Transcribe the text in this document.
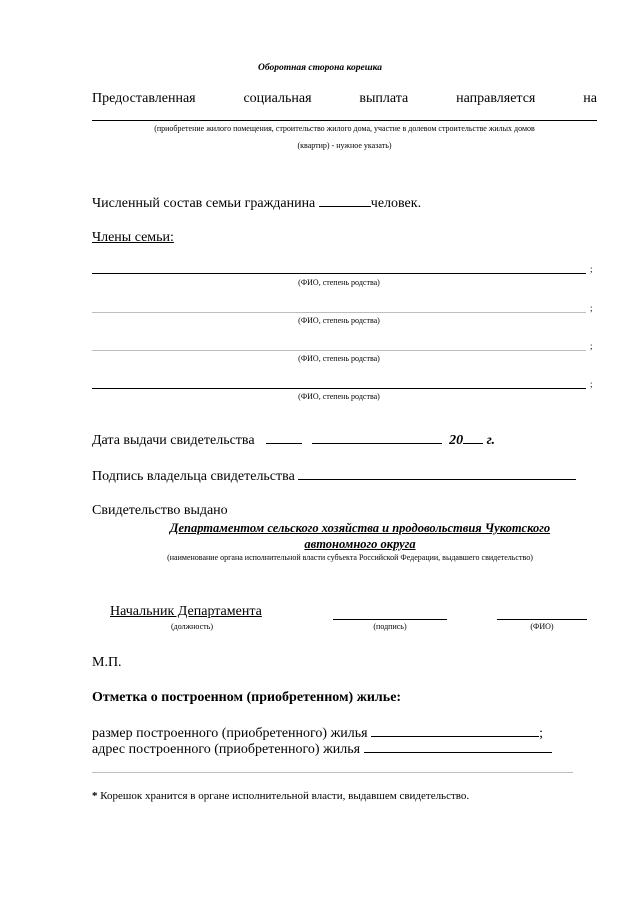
Оборотная сторона корешка
Предоставленная	социальная	выплата	направляется	на
(приобретение жилого помещения, строительство жилого дома, участие в долевом строительстве жилых домов
(квартир) - нужное указать)
Численный состав семьи гражданина	человек.
Члены семьи:
;
(ФИО, степень родства)
;
(ФИО, степень родства)
;
(ФИО, степень родства)
;
(ФИО, степень родства)
Дата выдачи свидетельства	20 г.
Подпись владельца свидетельства
Свидетельство выдано
Департаментом сельского хозяйства и продовольствия Чукотского
автономного округа
(наименование органа исполнительной власти субъекта Российской Федерации, выдавшего свидетельство)
Начальник Департамента
(должность)	(подпись)	(ФИО)
М.П.
Отметка о построенном (приобретенном) жилье:
размер построенного (приобретенного) жилья	;
адрес построенного (приобретенного) жилья
* Корешок хранится в органе исполнительной власти, выдавшем свидетельство.
